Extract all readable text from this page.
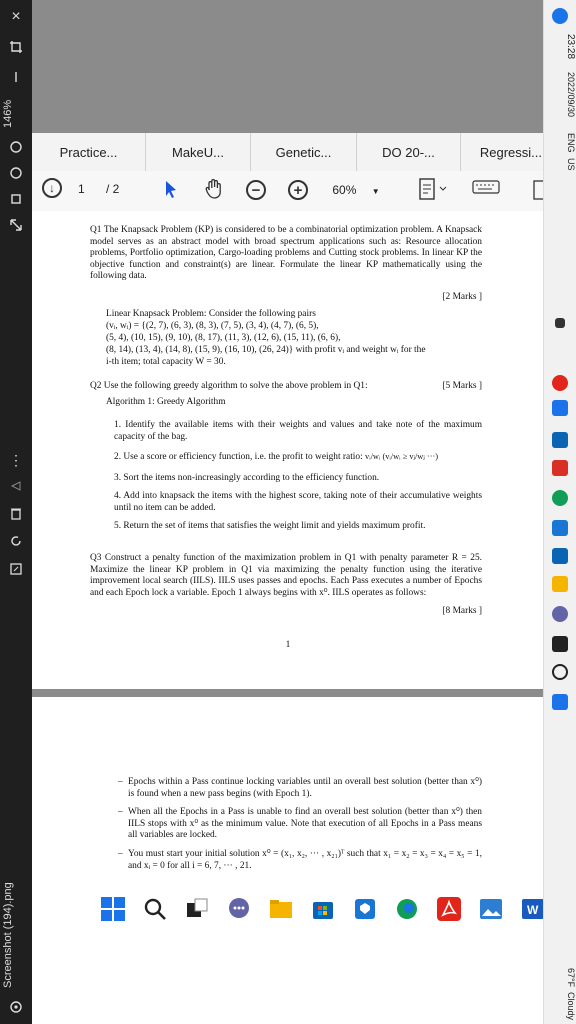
×
146%
⋮
Screenshot (194).png
Practice...	MakeU...	Genetic...	DO 20-...	Regressi...
↓	1 / 2	−	+	60% ▼
Q1 The Knapsack Problem (KP) is considered to be a combinatorial optimization problem. A Knapsack model serves as an abstract model with broad spectrum applications such as: Resource allocation problems, Portfolio optimization, Cargo-loading problems and Cutting stock problems. In linear KP the objective function and constraint(s) are linear. Formulate the linear KP mathematically using the following data.
[2 Marks ]
Linear Knapsack Problem: Consider the following pairs
(vᵢ, wᵢ) = {(2, 7), (6, 3), (8, 3), (7, 5), (3, 4), (4, 7), (6, 5),
(5, 4), (10, 15), (9, 10), (8, 17), (11, 3), (12, 6), (15, 11), (6, 6),
(8, 14), (13, 4), (14, 8), (15, 9), (16, 10), (26, 24)} with profit vᵢ and weight wᵢ for the
i-th item; total capacity W = 30.
Q2 Use the following greedy algorithm to solve the above problem in Q1:	[5 Marks ]
Algorithm 1: Greedy Algorithm
1. Identify the available items with their weights and values and take note of the maximum capacity of the bag.
2. Use a score or efficiency function, i.e. the profit to weight ratio: vᵢ/wᵢ (vᵢ/wᵢ ≥ vⱼ/wⱼ ···)
3. Sort the items non-increasingly according to the efficiency function.
4. Add into knapsack the items with the highest score, taking note of their accumulative weights until no item can be added.
5. Return the set of items that satisfies the weight limit and yields maximum profit.
Q3 Construct a penalty function of the maximization problem in Q1 with penalty parameter R = 25. Maximize the linear KP problem in Q1 via maximizing the penalty function using the iterative improvement local search (IILS). IILS uses passes and epochs. Each Pass executes a number of Epochs and each Epoch lock a variable. Epoch 1 always begins with x⁰. IILS operates as follows:
[8 Marks ]
1
– Epochs within a Pass continue locking variables until an overall best solution (better than x⁰) is found when a new pass begins (with Epoch 1).
– When all the Epochs in a Pass is unable to find an overall best solution (better than x⁰) then IILS stops with x⁰ as the minimum value. Note that execution of all Epochs in a Pass means all variables are locked.
– You must start your initial solution x⁰ = (x₁, x₂, ··· , x₂₁)ᵀ such that x₁ = x₂ = x₃ = x₄ = x₅ = 1, and xᵢ = 0 for all i = 6, 7, ··· , 21.
W
23:28
2022/09/30
ENG
US
67°F
Cloudy
